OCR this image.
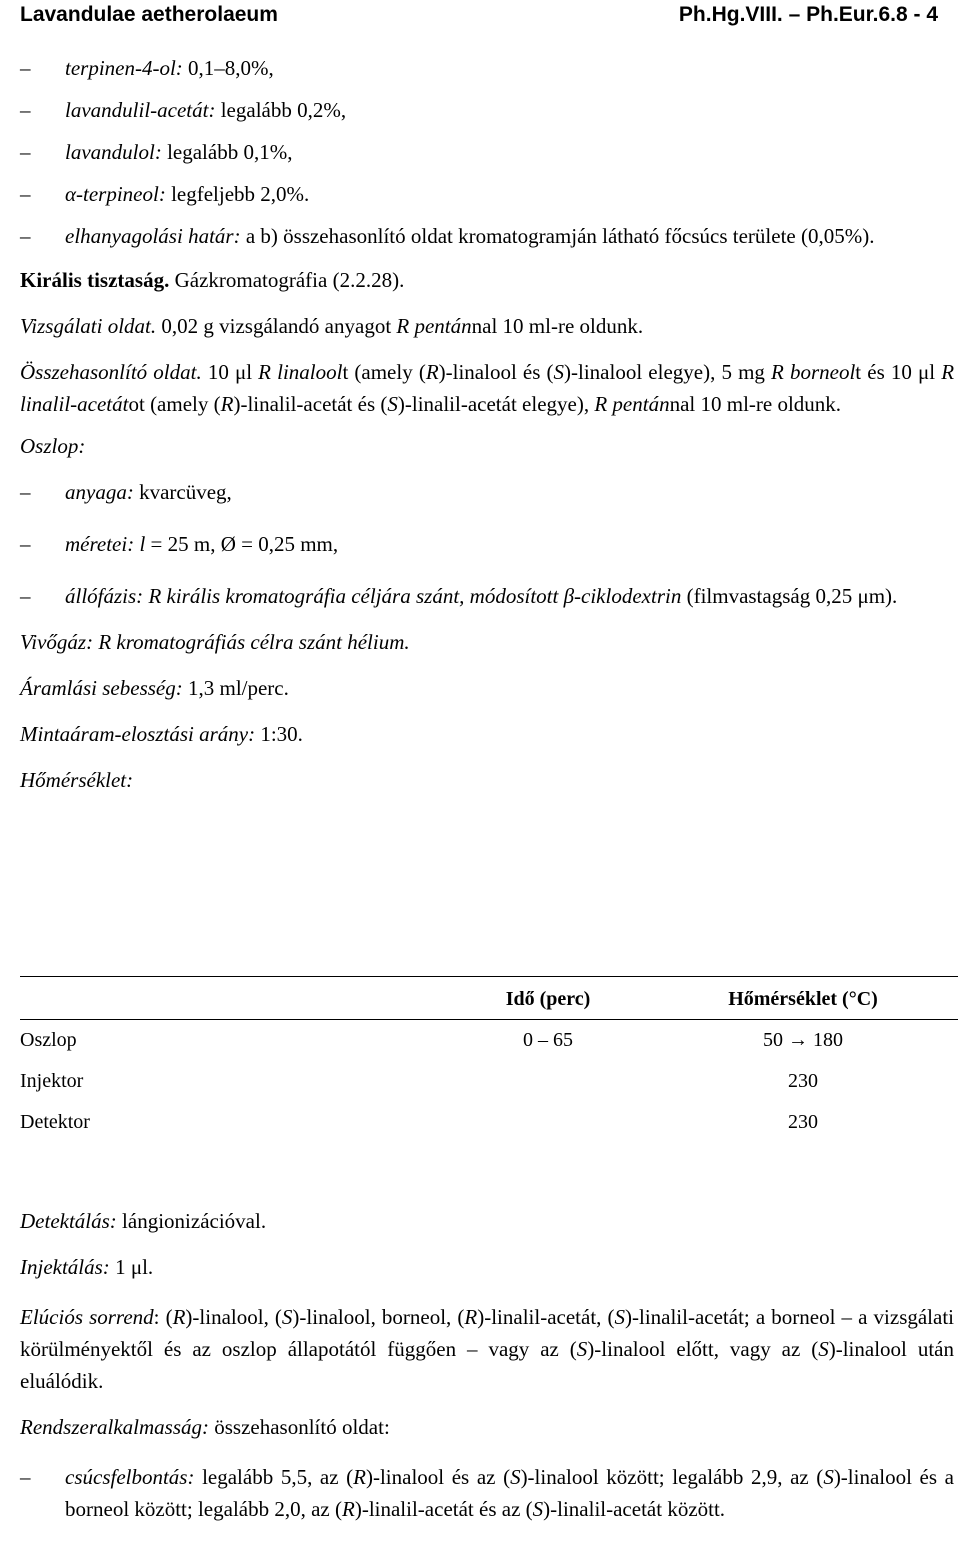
Lavandulae aetherolaeum	Ph.Hg.VIII. – Ph.Eur.6.8 - 4
– terpinen-4-ol: 0,1–8,0%,
– lavandulil-acetát: legalább 0,2%,
– lavandulol: legalább 0,1%,
– α-terpineol: legfeljebb 2,0%.
– elhanyagolási határ: a b) összehasonlító oldat kromatogramján látható főcsúcs területe (0,05%).
Királis tisztaság. Gázkromatográfia (2.2.28).
Vizsgálati oldat. 0,02 g vizsgálandó anyagot R pentánnal 10 ml-re oldunk.
Összehasonlító oldat. 10 μl R linaloolt (amely (R)-linalool és (S)-linalool elegye), 5 mg R borneolt és 10 μl R linalil-acetátot (amely (R)-linalil-acetát és (S)-linalil-acetát elegye), R pentánnal 10 ml-re oldunk.
Oszlop:
– anyaga: kvarcüveg,
– méretei: l = 25 m, Ø = 0,25 mm,
– állófázis: R királis kromatográfia céljára szánt, módosított β-ciklodextrin (filmvastagság 0,25 μm).
Vivőgáz: R kromatográfiás célra szánt hélium.
Áramlási sebesség: 1,3 ml/perc.
Mintaáram-elosztási arány: 1:30.
Hőmérséklet:
	Idő (perc)	Hőmérséklet (°C)
Oszlop	0 – 65	50 → 180
Injektor		230
Detektor		230
Detektálás: lángionizációval.
Injektálás: 1 μl.
Elúciós sorrend: (R)-linalool, (S)-linalool, borneol, (R)-linalil-acetát, (S)-linalil-acetát; a borneol – a vizsgálati körülményektől és az oszlop állapotától függően – vagy az (S)-linalool előtt, vagy az (S)-linalool után eluálódik.
Rendszeralkalmasság: összehasonlító oldat:
– csúcsfelbontás: legalább 5,5, az (R)-linalool és az (S)-linalool között; legalább 2,9, az (S)-linalool és a borneol között; legalább 2,0, az (R)-linalil-acetát és az (S)-linalil-acetát között.
